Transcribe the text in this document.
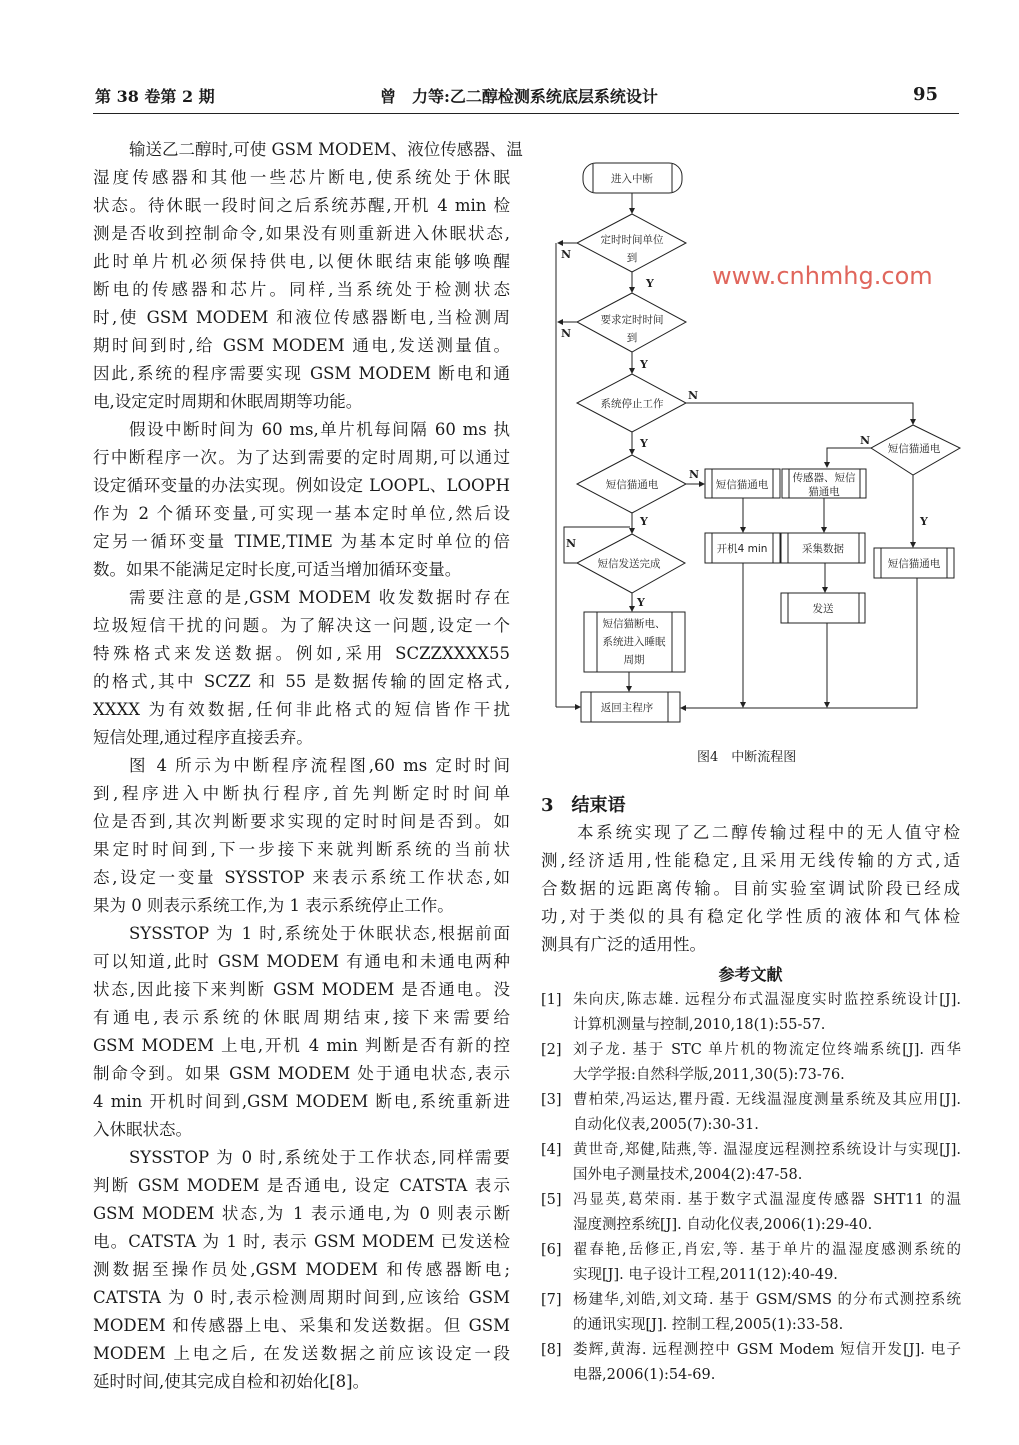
第 38 卷第 2 期	曾　力等:乙二醇检测系统底层系统设计	95
输送乙二醇时,可使 GSM MODEM、液位传感器、温
湿度传感器和其他一些芯片断电,使系统处于休眠
状态。待休眠一段时间之后系统苏醒,开机 4 min 检
测是否收到控制命令,如果没有则重新进入休眠状态,
此时单片机必须保持供电,以便休眠结束能够唤醒
断电的传感器和芯片。同样,当系统处于检测状态
时,使 GSM MODEM 和液位传感器断电,当检测周
期时间到时,给 GSM MODEM 通电,发送测量值。
因此,系统的程序需要实现 GSM MODEM 断电和通
电,设定定时周期和休眠周期等功能。
假设中断时间为 60 ms,单片机每间隔 60 ms 执
行中断程序一次。为了达到需要的定时周期,可以通过
设定循环变量的办法实现。例如设定 LOOPL、LOOPH
作为 2 个循环变量,可实现一基本定时单位,然后设
定另一循环变量 TIME,TIME 为基本定时单位的倍
数。如果不能满足定时长度,可适当增加循环变量。
需要注意的是,GSM MODEM 收发数据时存在
垃圾短信干扰的问题。为了解决这一问题,设定一个
特殊格式来发送数据。例如,采用 SCZZXXXX55
的格式,其中 SCZZ 和 55 是数据传输的固定格式,
XXXX 为有效数据,任何非此格式的短信皆作干扰
短信处理,通过程序直接丢弃。
图 4 所示为中断程序流程图,60 ms 定时时间
到,程序进入中断执行程序,首先判断定时时间单
位是否到,其次判断要求实现的定时时间是否到。如
果定时时间到,下一步接下来就判断系统的当前状
态,设定一变量 SYSSTOP 来表示系统工作状态,如
果为 0 则表示系统工作,为 1 表示系统停止工作。
SYSSTOP 为 1 时,系统处于休眠状态,根据前面
可以知道,此时 GSM MODEM 有通电和未通电两种
状态,因此接下来判断 GSM MODEM 是否通电。没
有通电,表示系统的休眠周期结束,接下来需要给
GSM MODEM 上电,开机 4 min 判断是否有新的控
制命令到。如果 GSM MODEM 处于通电状态,表示
4 min 开机时间到,GSM MODEM 断电,系统重新进
入休眠状态。
SYSSTOP 为 0 时,系统处于工作状态,同样需要
判断 GSM MODEM 是否通电, 设定 CATSTA 表示
GSM MODEM 状态,为 1 表示通电,为 0 则表示断
电。CATSTA 为 1 时, 表示 GSM MODEM 已发送检
测数据至操作员处,GSM MODEM 和传感器断电;
CATSTA 为 0 时,表示检测周期时间到,应该给 GSM
MODEM 和传感器上电、采集和发送数据。但 GSM
MODEM 上电之后, 在发送数据之前应该设定一段
延时时间,使其完成自检和初始化[8]。
进入中断
定时时间单位
到
要求定时时间
到
系统停止工作
短信猫通电
短信猫通电
短信发送完成
短信猫断电、
系统进入睡眠
周期
短信猫通电
传感器、短信
猫通电
开机4 min	采集数据
发送
短信猫通电
返回主程序
N
N
N
N
N
N
Y
Y
Y
Y
Y
Y
图4　中断流程图
3　结束语
本系统实现了乙二醇传输过程中的无人值守检
测,经济适用,性能稳定,且采用无线传输的方式,适
合数据的远距离传输。目前实验室调试阶段已经成
功,对于类似的具有稳定化学性质的液体和气体检
测具有广泛的适用性。
参考文献
[1] 朱向庆,陈志雄. 远程分布式温湿度实时监控系统设计[J].
计算机测量与控制,2010,18(1):55-57.
[2] 刘子龙. 基于 STC 单片机的物流定位终端系统[J]. 西华
大学学报:自然科学版,2011,30(5):73-76.
[3] 曹柏荣,冯运达,瞿丹霞. 无线温湿度测量系统及其应用[J].
自动化仪表,2005(7):30-31.
[4] 黄世奇,郑健,陆燕,等. 温湿度远程测控系统设计与实现[J].
国外电子测量技术,2004(2):47-58.
[5] 冯显英,葛荣雨. 基于数字式温湿度传感器 SHT11 的温
湿度测控系统[J]. 自动化仪表,2006(1):29-40.
[6] 翟春艳,岳修正,肖宏,等. 基于单片的温湿度感测系统的
实现[J]. 电子设计工程,2011(12):40-49.
[7] 杨建华,刘皓,刘文琦. 基于 GSM/SMS 的分布式测控系统
的通讯实现[J]. 控制工程,2005(1):33-58.
[8] 娄辉,黄海. 远程测控中 GSM Modem 短信开发[J]. 电子
电器,2006(1):54-69.
www.cnhmhg.com
